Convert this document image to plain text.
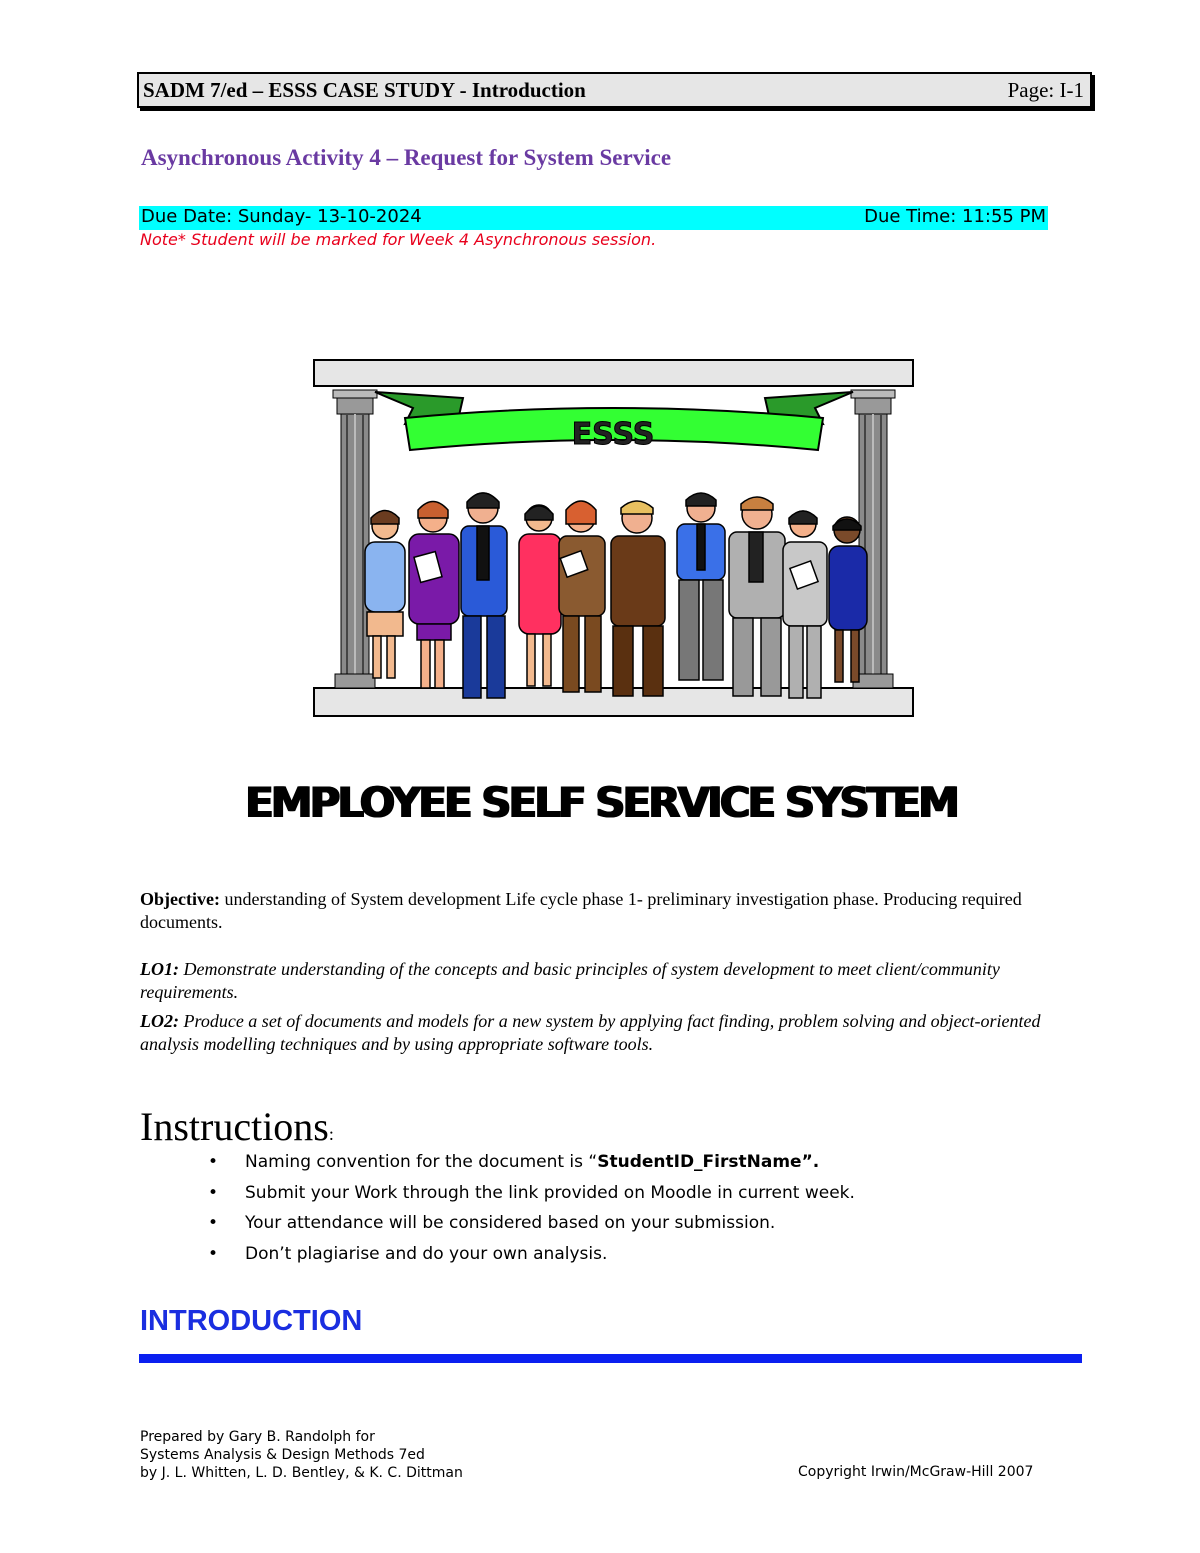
SADM 7/ed – ESSS CASE STUDY - Introduction	Page: I-1
Asynchronous Activity 4 – Request for System Service
Due Date: Sunday- 13-10-2024	Due Time: 11:55 PM
Note* Student will be marked for Week 4 Asynchronous session.
ESSS
EMPLOYEE SELF SERVICE SYSTEM
Objective: understanding of System development Life cycle phase 1- preliminary investigation phase. Producing required documents.
LO1: Demonstrate understanding of the concepts and basic principles of system development to meet client/community requirements.
LO2: Produce a set of documents and models for a new system by applying fact finding, problem solving and object-oriented analysis modelling techniques and by using appropriate software tools.
Instructions:
• Naming convention for the document is “StudentID_FirstName”.
• Submit your Work through the link provided on Moodle in current week.
• Your attendance will be considered based on your submission.
• Don’t plagiarise and do your own analysis.
INTRODUCTION
Prepared by Gary B. Randolph for
Systems Analysis & Design Methods 7ed
by J. L. Whitten, L. D. Bentley, & K. C. Dittman	Copyright Irwin/McGraw-Hill 2007
